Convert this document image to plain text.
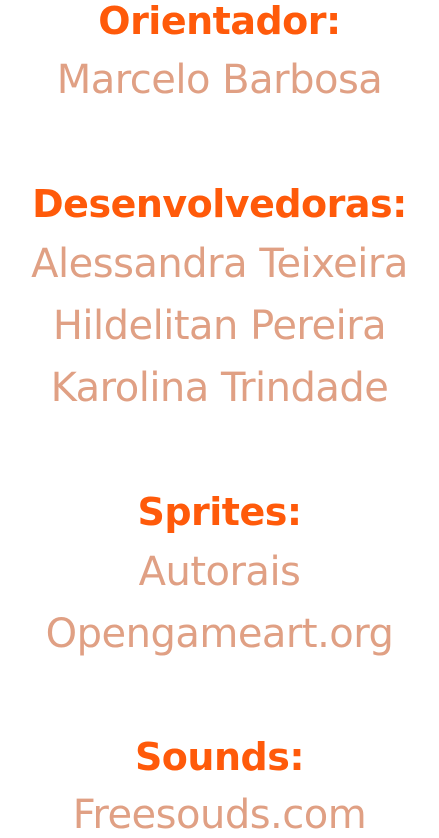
Orientador:
Marcelo Barbosa
Desenvolvedoras:
Alessandra Teixeira
Hildelitan Pereira
Karolina Trindade
Sprites:
Autorais
Opengameart.org
Sounds:
Freesouds.com
